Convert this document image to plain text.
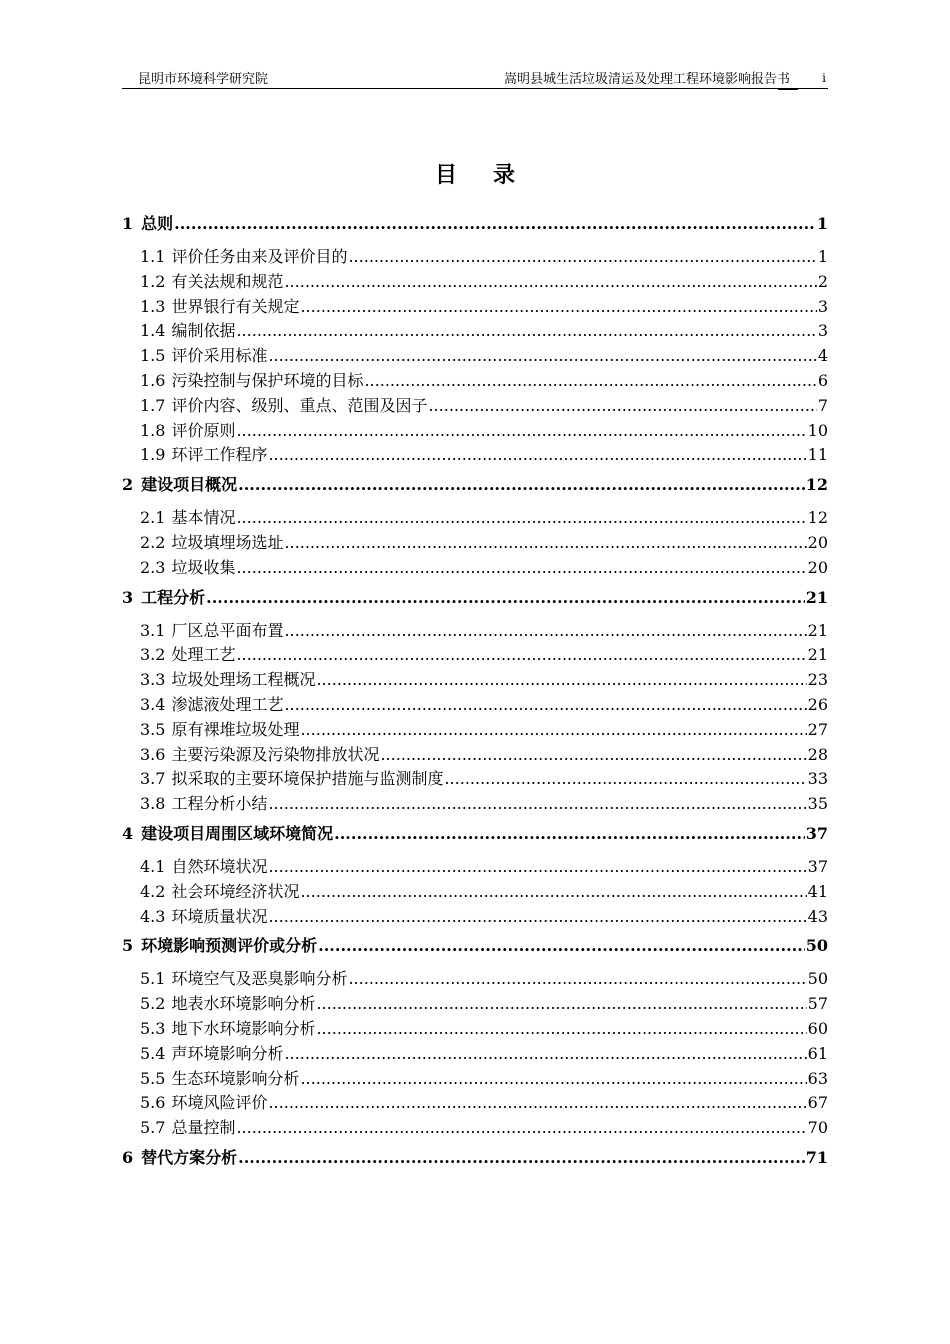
昆明市环境科学研究院	嵩明县城生活垃圾清运及处理工程环境影响报告书	i
目录
1 总则 .....	1
1.1 评价任务由来及评价目的 .....	1
1.2 有关法规和规范 .....	2
1.3 世界银行有关规定 .....	3
1.4 编制依据 .....	3
1.5 评价采用标准 .....	4
1.6 污染控制与保护环境的目标 .....	6
1.7 评价内容、级别、重点、范围及因子 .....	7
1.8 评价原则 .....	10
1.9 环评工作程序 .....	11
2 建设项目概况 .....	12
2.1 基本情况 .....	12
2.2 垃圾填埋场选址 .....	20
2.3 垃圾收集 .....	20
3 工程分析 .....	21
3.1 厂区总平面布置 .....	21
3.2 处理工艺 .....	21
3.3 垃圾处理场工程概况 .....	23
3.4 渗滤液处理工艺 .....	26
3.5 原有裸堆垃圾处理 .....	27
3.6 主要污染源及污染物排放状况 .....	28
3.7 拟采取的主要环境保护措施与监测制度 .....	33
3.8 工程分析小结 .....	35
4 建设项目周围区域环境简况 .....	37
4.1 自然环境状况 .....	37
4.2 社会环境经济状况 .....	41
4.3 环境质量状况 .....	43
5 环境影响预测评价或分析 .....	50
5.1 环境空气及恶臭影响分析 .....	50
5.2 地表水环境影响分析 .....	57
5.3 地下水环境影响分析 .....	60
5.4 声环境影响分析 .....	61
5.5 生态环境影响分析 .....	63
5.6 环境风险评价 .....	67
5.7 总量控制 .....	70
6 替代方案分析 .....	71
